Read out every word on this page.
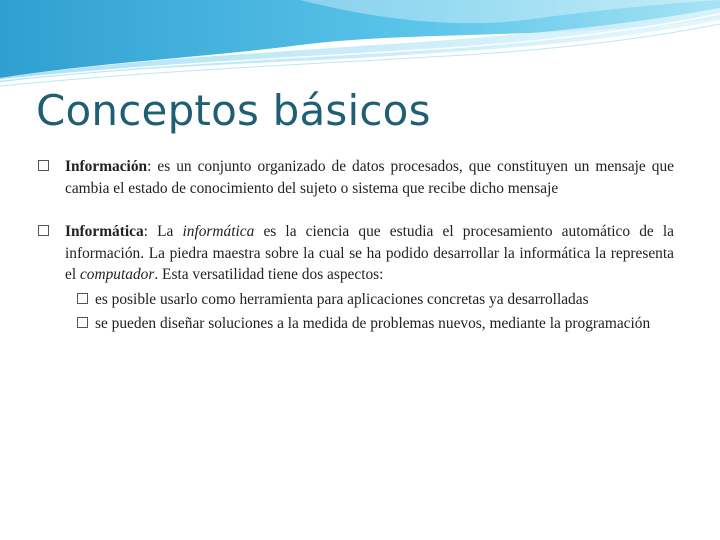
Conceptos básicos
Información: es un conjunto organizado de datos procesados, que constituyen un mensaje que cambia el estado de conocimiento del sujeto o sistema que recibe dicho mensaje
Informática: La informática es la ciencia que estudia el procesamiento automático de la información. La piedra maestra sobre la cual se ha podido desarrollar la informática la representa el computador. Esta versatilidad tiene dos aspectos:
es posible usarlo como herramienta para aplicaciones concretas ya desarrolladas
se pueden diseñar soluciones a la medida de problemas nuevos, mediante la programación
